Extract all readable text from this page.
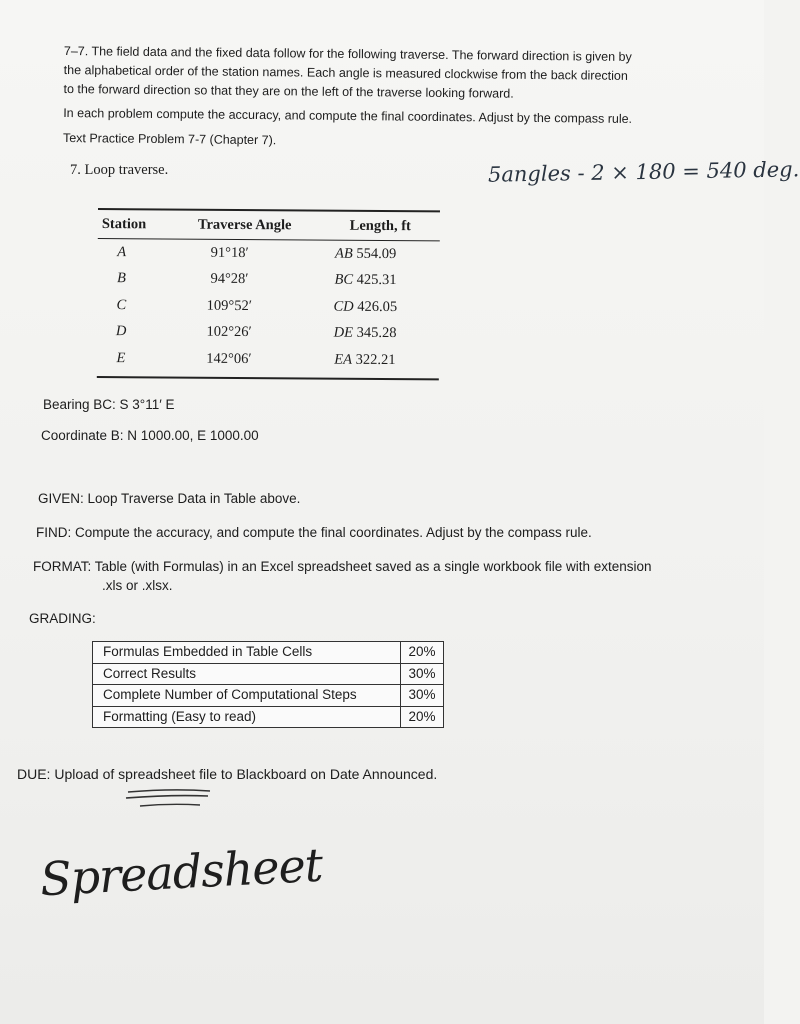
7–7. The field data and the fixed data follow for the following traverse. The forward direction is given by
the alphabetical order of the station names. Each angle is measured clockwise from the back direction
to the forward direction so that they are on the left of the traverse looking forward.
In each problem compute the accuracy, and compute the final coordinates. Adjust by the compass rule.
Text Practice Problem 7-7 (Chapter 7).
7. Loop traverse.	5angles - 2 × 180 = 540 deg.
Station	Traverse Angle	Length, ft
A	91°18′	AB 554.09
B	94°28′	BC 425.31
C	109°52′	CD 426.05
D	102°26′	DE 345.28
E	142°06′	EA 322.21
Bearing BC: S 3°11′ E
Coordinate B: N 1000.00, E 1000.00
GIVEN: Loop Traverse Data in Table above.
FIND: Compute the accuracy, and compute the final coordinates. Adjust by the compass rule.
FORMAT: Table (with Formulas) in an Excel spreadsheet saved as a single workbook file with extension
.xls or .xlsx.
GRADING:
Formulas Embedded in Table Cells	20%
Correct Results	30%
Complete Number of Computational Steps	30%
Formatting (Easy to read)	20%
DUE: Upload of spreadsheet file to Blackboard on Date Announced.
Spreadsheet
